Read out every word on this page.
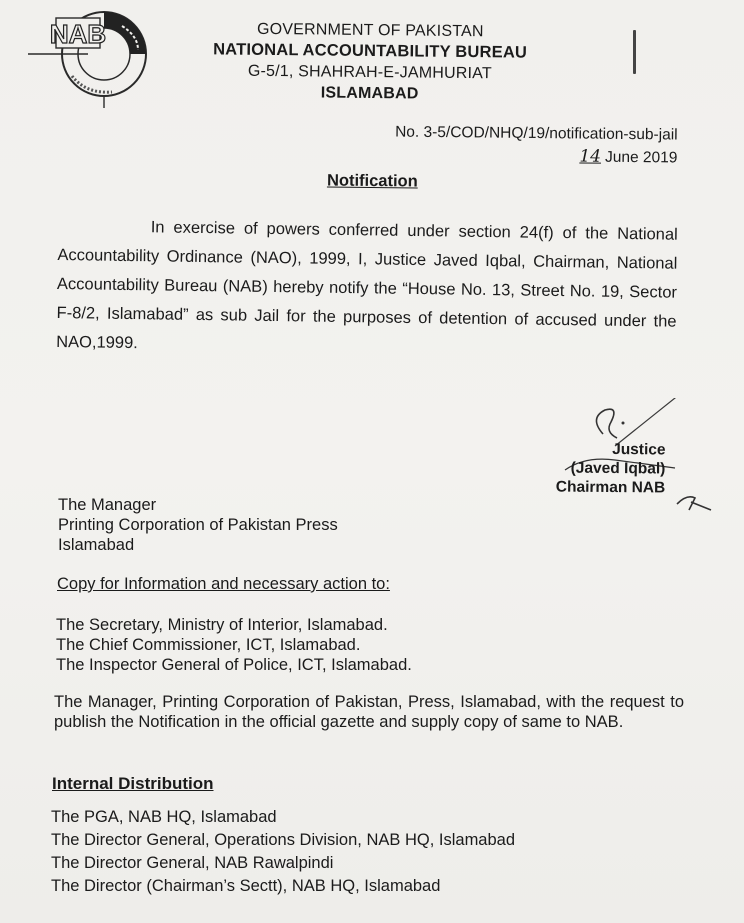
NAB	GOVERNMENT OF PAKISTAN
NATIONAL ACCOUNTABILITY BUREAU
G-5/1, SHAHRAH-E-JAMHURIAT
ISLAMABAD
No. 3-5/COD/NHQ/19/notification-sub-jail
14 June 2019
Notification
In exercise of powers conferred under section 24(f) of the National Accountability Ordinance (NAO), 1999, I, Justice Javed Iqbal, Chairman, National Accountability Bureau (NAB) hereby notify the “House No. 13, Street No. 19, Sector F-8/2, Islamabad” as sub Jail for the purposes of detention of accused under the NAO,1999.
Justice
(Javed Iqbal)
Chairman NAB
The Manager
Printing Corporation of Pakistan Press
Islamabad
Copy for Information and necessary action to:
The Secretary, Ministry of Interior, Islamabad.
The Chief Commissioner, ICT, Islamabad.
The Inspector General of Police, ICT, Islamabad.
The Manager, Printing Corporation of Pakistan, Press, Islamabad, with the request to publish the Notification in the official gazette and supply copy of same to NAB.
Internal Distribution
The PGA, NAB HQ, Islamabad
The Director General, Operations Division, NAB HQ, Islamabad
The Director General, NAB Rawalpindi
The Director (Chairman’s Sectt), NAB HQ, Islamabad
